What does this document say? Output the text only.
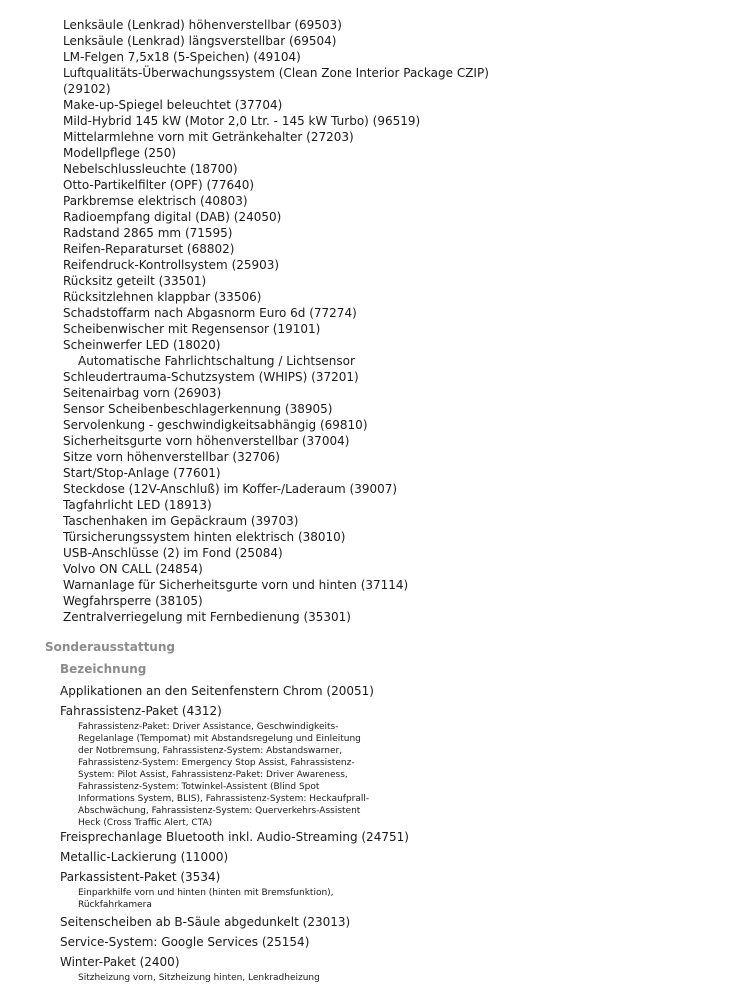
Lenksäule (Lenkrad) höhenverstellbar (69503)
Lenksäule (Lenkrad) längsverstellbar (69504)
LM-Felgen 7,5x18 (5-Speichen) (49104)
Luftqualitäts-Überwachungssystem (Clean Zone Interior Package CZIP) (29102)
Make-up-Spiegel beleuchtet (37704)
Mild-Hybrid 145 kW (Motor 2,0 Ltr. - 145 kW Turbo) (96519)
Mittelarmlehne vorn mit Getränkehalter (27203)
Modellpflege (250)
Nebelschlussleuchte (18700)
Otto-Partikelfilter (OPF) (77640)
Parkbremse elektrisch (40803)
Radioempfang digital (DAB) (24050)
Radstand 2865 mm (71595)
Reifen-Reparaturset (68802)
Reifendruck-Kontrollsystem (25903)
Rücksitz geteilt (33501)
Rücksitzlehnen klappbar (33506)
Schadstoffarm nach Abgasnorm Euro 6d (77274)
Scheibenwischer mit Regensensor (19101)
Scheinwerfer LED (18020)
Automatische Fahrlichtschaltung / Lichtsensor
Schleudertrauma-Schutzsystem (WHIPS) (37201)
Seitenairbag vorn (26903)
Sensor Scheibenbeschlagerkennung (38905)
Servolenkung - geschwindigkeitsabhängig (69810)
Sicherheitsgurte vorn höhenverstellbar (37004)
Sitze vorn höhenverstellbar (32706)
Start/Stop-Anlage (77601)
Steckdose (12V-Anschluß) im Koffer-/Laderaum (39007)
Tagfahrlicht LED (18913)
Taschenhaken im Gepäckraum (39703)
Türsicherungssystem hinten elektrisch (38010)
USB-Anschlüsse (2) im Fond (25084)
Volvo ON CALL (24854)
Warnanlage für Sicherheitsgurte vorn und hinten (37114)
Wegfahrsperre (38105)
Zentralverriegelung mit Fernbedienung (35301)
Sonderausstattung
Bezeichnung
Applikationen an den Seitenfenstern Chrom (20051)
Fahrassistenz-Paket (4312)
Fahrassistenz-Paket: Driver Assistance, Geschwindigkeits-Regelanlage (Tempomat) mit Abstandsregelung und Einleitung der Notbremsung, Fahrassistenz-System: Abstandswarner, Fahrassistenz-System: Emergency Stop Assist, Fahrassistenz-System: Pilot Assist, Fahrassistenz-Paket: Driver Awareness, Fahrassistenz-System: Totwinkel-Assistent (Blind Spot Informations System, BLIS), Fahrassistenz-System: Heckaufprall-Abschwächung, Fahrassistenz-System: Querverkehrs-Assistent Heck (Cross Traffic Alert, CTA)
Freisprechanlage Bluetooth inkl. Audio-Streaming (24751)
Metallic-Lackierung (11000)
Parkassistent-Paket (3534)
Einparkhilfe vorn und hinten (hinten mit Bremsfunktion), Rückfahrkamera
Seitenscheiben ab B-Säule abgedunkelt (23013)
Service-System: Google Services (25154)
Winter-Paket (2400)
Sitzheizung vorn, Sitzheizung hinten, Lenkradheizung
